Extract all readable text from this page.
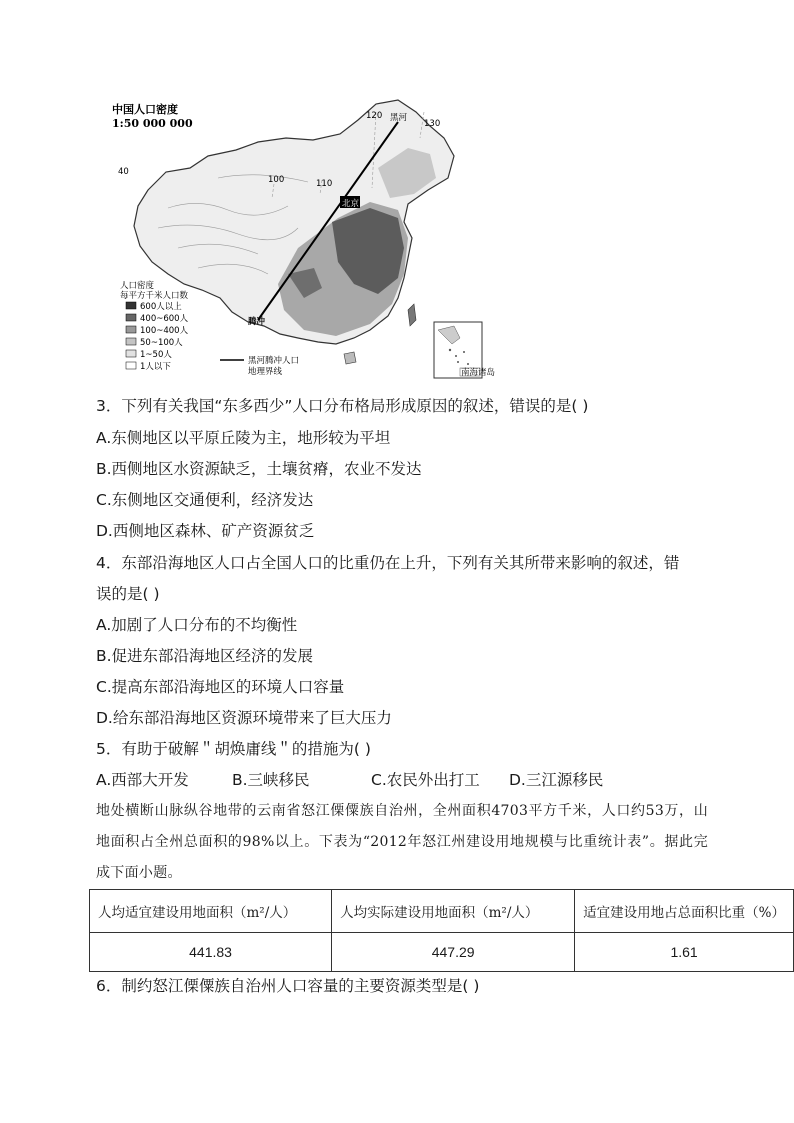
南海诸岛
中国人口密度
1:50 000 000
120
130
40
100	110
黑河
北京
腾冲
人口密度
每平方千米人口数
600人以上
400~600人
100~400人
50~100人
1~50人
1人以下
黑河腾冲人口
地理界线
3．下列有关我国“东多西少”人口分布格局形成原因的叙述，错误的是( )
A.东侧地区以平原丘陵为主，地形较为平坦
B.西侧地区水资源缺乏，土壤贫瘠，农业不发达
C.东侧地区交通便利，经济发达
D.西侧地区森林、矿产资源贫乏
4．东部沿海地区人口占全国人口的比重仍在上升，下列有关其所带来影响的叙述，错
误的是( )
A.加剧了人口分布的不均衡性
B.促进东部沿海地区经济的发展
C.提高东部沿海地区的环境人口容量
D.给东部沿海地区资源环境带来了巨大压力
5．有助于破解＂胡焕庸线＂的措施为( )
A.西部大开发	B.三峡移民	C.农民外出打工 D.三江源移民
地处横断山脉纵谷地带的云南省怒江傈僳族自治州，全州面积4703平方千米，人口约53万，山地面积占全州总面积的98%以上。下表为“2012年怒江州建设用地规模与比重统计表”。据此完成下面小题。
人均适宜建设用地面积（m²/人）	人均实际建设用地面积（m²/人）	适宜建设用地占总面积比重（%）
441.83	447.29	1.61
6．制约怒江傈僳族自治州人口容量的主要资源类型是( )
